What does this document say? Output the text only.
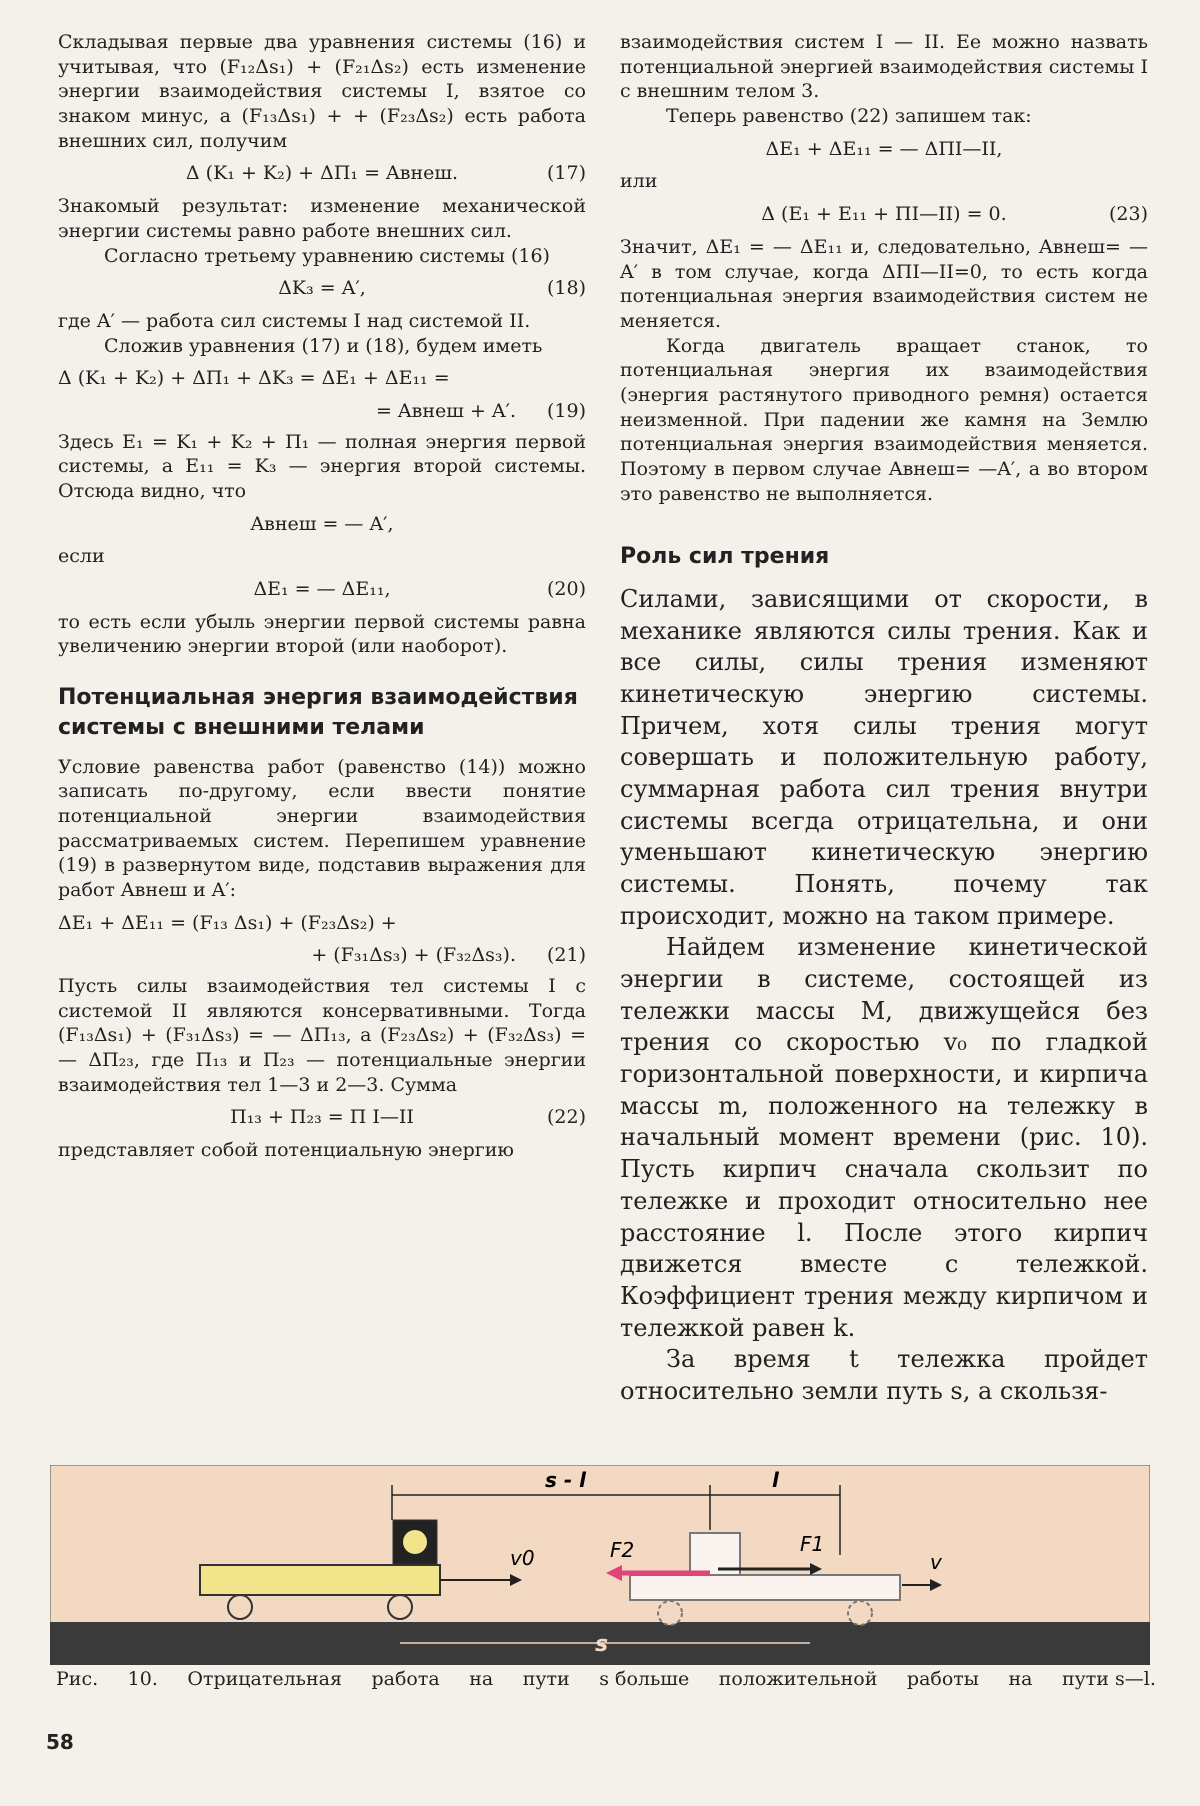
Складывая первые два уравнения системы (16) и учитывая, что (F₁₂Δs₁) + (F₂₁Δs₂) есть изменение энергии взаимодействия системы I, взятое со знаком минус, а (F₁₃Δs₁) + + (F₂₃Δs₂) есть работа внешних сил, получим

Δ (K₁ + K₂) + ΔΠ₁ = Aвнеш.	(17)

Знакомый результат: изменение механической энергии системы равно работе внешних сил.

Согласно третьему уравнению системы (16)

ΔK₃ = A′,	(18)

где A′ — работа сил системы I над системой II.

Сложив уравнения (17) и (18), будем иметь

Δ (K₁ + K₂) + ΔΠ₁ + ΔK₃ = ΔE₁ + ΔE₁₁ =
= Aвнеш + A′. (19)

Здесь E₁ = K₁ + K₂ + Π₁ — полная энергия первой системы, а E₁₁ = K₃ — энергия второй системы. Отсюда видно, что

Aвнеш = — A′,

если

ΔE₁ = — ΔE₁₁,	(20)

то есть если убыль энергии первой системы равна увеличению энергии второй (или наоборот).

Потенциальная энергия взаимодействия системы с внешними телами

Условие равенства работ (равенство (14)) можно записать по-другому, если ввести понятие потенциальной энергии взаимодействия рассматриваемых систем. Перепишем уравнение (19) в развернутом виде, подставив выражения для работ Aвнеш и A′:

ΔE₁ + ΔE₁₁ = (F₁₃ Δs₁) + (F₂₃Δs₂) +
+ (F₃₁Δs₃) + (F₃₂Δs₃). (21)

Пусть силы взаимодействия тел системы I с системой II являются консервативными. Тогда (F₁₃Δs₁) + (F₃₁Δs₃) = — ΔΠ₁₃, а (F₂₃Δs₂) + (F₃₂Δs₃) = — ΔΠ₂₃, где Π₁₃ и Π₂₃ — потенциальные энергии взаимодействия тел 1—3 и 2—3. Сумма

Π₁₃ + Π₂₃ = Π I—II	(22)

представляет собой потенциальную энергию

взаимодействия систем I — II. Ее можно назвать потенциальной энергией взаимодействия системы I с внешним телом 3.

Теперь равенство (22) запишем так:

ΔE₁ + ΔE₁₁ = — ΔΠI—II,

или

Δ (E₁ + E₁₁ + ΠI—II) = 0.	(23)

Значит, ΔE₁ = — ΔE₁₁ и, следовательно, Aвнеш= — A′ в том случае, когда ΔΠI—II=0, то есть когда потенциальная энергия взаимодействия систем не меняется.

Когда двигатель вращает станок, то потенциальная энергия их взаимодействия (энергия растянутого приводного ремня) остается неизменной. При падении же камня на Землю потенциальная энергия взаимодействия меняется. Поэтому в первом случае Aвнеш= —A′, а во втором это равенство не выполняется.

Роль сил трения

Силами, зависящими от скорости, в механике являются силы трения. Как и все силы, силы трения изменяют кинетическую энергию системы. Причем, хотя силы трения могут совершать и положительную работу, суммарная работа сил трения внутри системы всегда отрицательна, и они уменьшают кинетическую энергию системы. Понять, почему так происходит, можно на таком примере.

Найдем изменение кинетической энергии в системе, состоящей из тележки массы M, движущейся без трения со скоростью v₀ по гладкой горизонтальной поверхности, и кирпича массы m, положенного на тележку в начальный момент времени (рис. 10). Пусть кирпич сначала скользит по тележке и проходит относительно нее расстояние l. После этого кирпич движется вместе с тележкой. Коэффициент трения между кирпичом и тележкой равен k.

За время t тележка пройдет относительно земли путь s, а скользя-

v0	F2	F1
v
s - l	l
s
Рис. 10. Отрицательная работа на пути s больше положительной работы на пути s—l.
58
